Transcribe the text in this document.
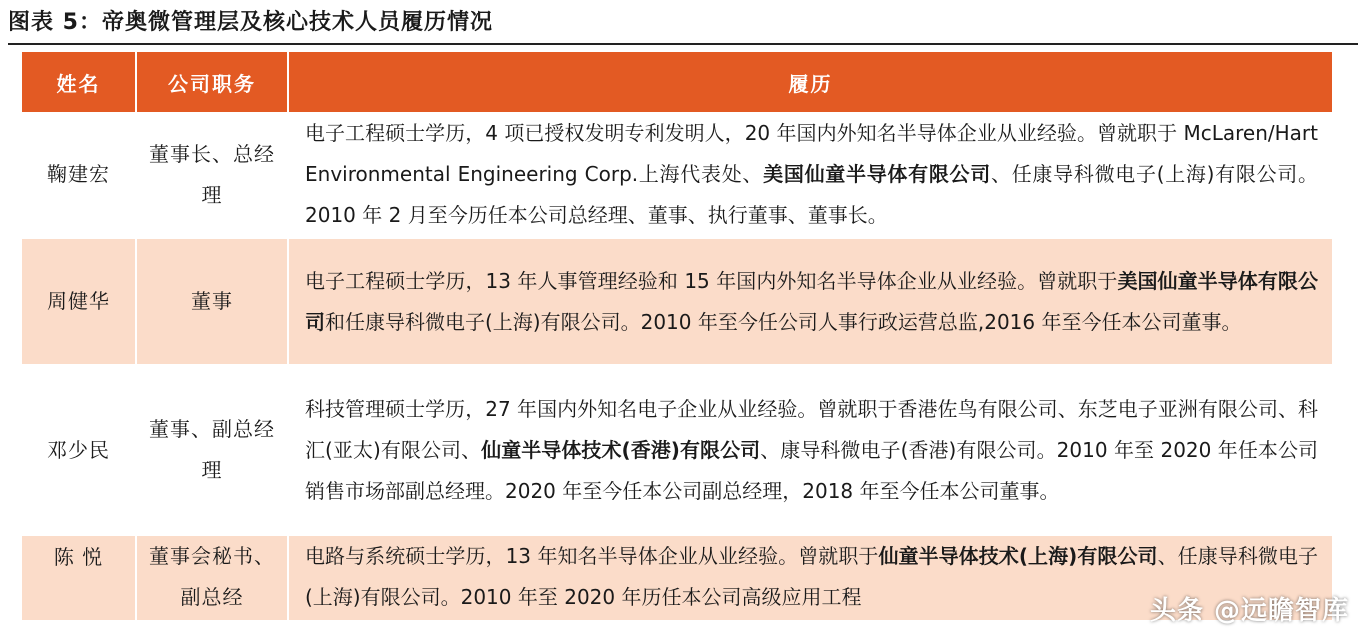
图表 5：帝奥微管理层及核心技术人员履历情况
姓名	公司职务	履历
鞠建宏	董事长、总经理	电子工程硕士学历，4 项已授权发明专利发明人，20 年国内外知名半导体企业从业经验。曾就职于 McLaren/Hart Environmental Engineering Corp.上海代表处、美国仙童半导体有限公司、任康导科微电子(上海)有限公司。2010 年 2 月至今历任本公司总经理、董事、执行董事、董事长。
周健华	董事	电子工程硕士学历，13 年人事管理经验和 15 年国内外知名半导体企业从业经验。曾就职于美国仙童半导体有限公司和任康导科微电子(上海)有限公司。2010 年至今任公司人事行政运营总监,2016 年至今任本公司董事。
邓少民	董事、副总经理	科技管理硕士学历，27 年国内外知名电子企业从业经验。曾就职于香港佐鸟有限公司、东芝电子亚洲有限公司、科汇(亚太)有限公司、仙童半导体技术(香港)有限公司、康导科微电子(香港)有限公司。2010 年至 2020 年任本公司销售市场部副总经理。2020 年至今任本公司副总经理，2018 年至今任本公司董事。
陈 悦	董事会秘书、副总经	电路与系统硕士学历，13 年知名半导体企业从业经验。曾就职于仙童半导体技术(上海)有限公司、任康导科微电子(上海)有限公司。2010 年至 2020 年历任本公司高级应用工程	头条 @远瞻智库
